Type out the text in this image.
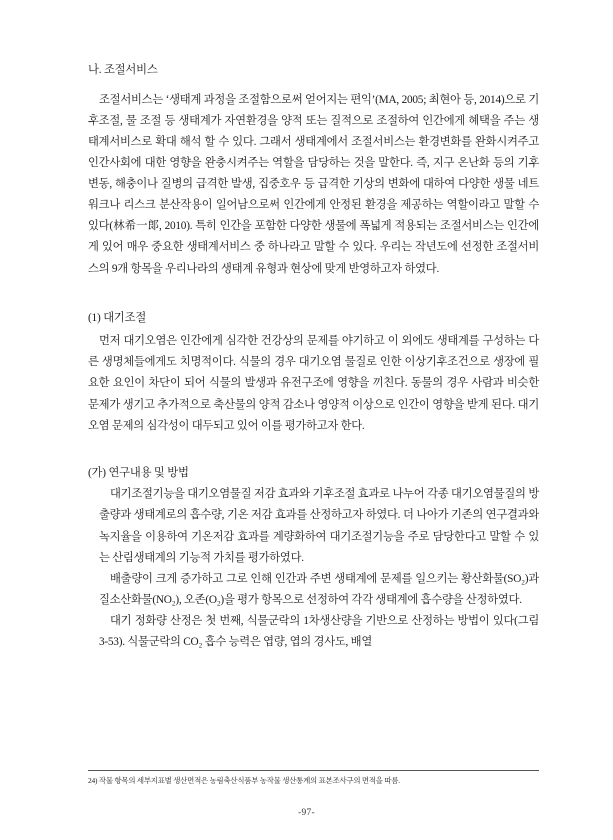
나. 조절서비스

조절서비스는 ‘생태계 과정을 조절함으로써 얻어지는 편익’(MA, 2005; 최현아 등, 2014)으로 기후조절, 물 조절 등 생태계가 자연환경을 양적 또는 질적으로 조절하여 인간에게 혜택을 주는 생태계서비스로 확대 해석 할 수 있다. 그래서 생태계에서 조절서비스는 환경변화를 완화시켜주고 인간사회에 대한 영향을 완충시켜주는 역할을 담당하는 것을 말한다. 즉, 지구 온난화 등의 기후변동, 해충이나 질병의 급격한 발생, 집중호우 등 급격한 기상의 변화에 대하여 다양한 생물 네트워크나 리스크 분산작용이 일어남으로써 인간에게 안정된 환경을 제공하는 역할이라고 말할 수 있다(林希一郞, 2010). 특히 인간을 포함한 다양한 생물에 폭넓게 적용되는 조절서비스는 인간에게 있어 매우 중요한 생태계서비스 중 하나라고 말할 수 있다. 우리는 작년도에 선정한 조절서비스의 9개 항목을 우리나라의 생태계 유형과 현상에 맞게 반영하고자 하였다.

(1) 대기조절

먼저 대기오염은 인간에게 심각한 건강상의 문제를 야기하고 이 외에도 생태계를 구성하는 다른 생명체들에게도 치명적이다. 식물의 경우 대기오염 물질로 인한 이상기후조건으로 생장에 필요한 요인이 차단이 되어 식물의 발생과 유전구조에 영향을 끼친다. 동물의 경우 사람과 비슷한 문제가 생기고 추가적으로 축산물의 양적 감소나 영양적 이상으로 인간이 영향을 받게 된다. 대기오염 문제의 심각성이 대두되고 있어 이를 평가하고자 한다.

(가) 연구내용 및 방법

대기조절기능을 대기오염물질 저감 효과와 기후조절 효과로 나누어 각종 대기오염물질의 방출량과 생태계로의 흡수량, 기온 저감 효과를 산정하고자 하였다. 더 나아가 기존의 연구결과와 녹지율을 이용하여 기온저감 효과를 계량화하여 대기조절기능을 주로 담당한다고 말할 수 있는 산림생태계의 기능적 가치를 평가하였다.

배출량이 크게 증가하고 그로 인해 인간과 주변 생태계에 문제를 일으키는 황산화물(SO₂)과 질소산화물(NO₂), 오존(O₂)을 평가 항목으로 선정하여 각각 생태계에 흡수량을 산정하였다.

대기 정화량 산정은 첫 번째, 식물군락의 1차생산량을 기반으로 산정하는 방법이 있다(그림 3-53). 식물군락의 CO₂ 흡수 능력은 엽량, 엽의 경사도, 배열

24) 작물 항목의 세부지표별 생산면적은 농림축산식품부 농작물 생산통계의 표본조사구의 면적을 따름.

-97-
